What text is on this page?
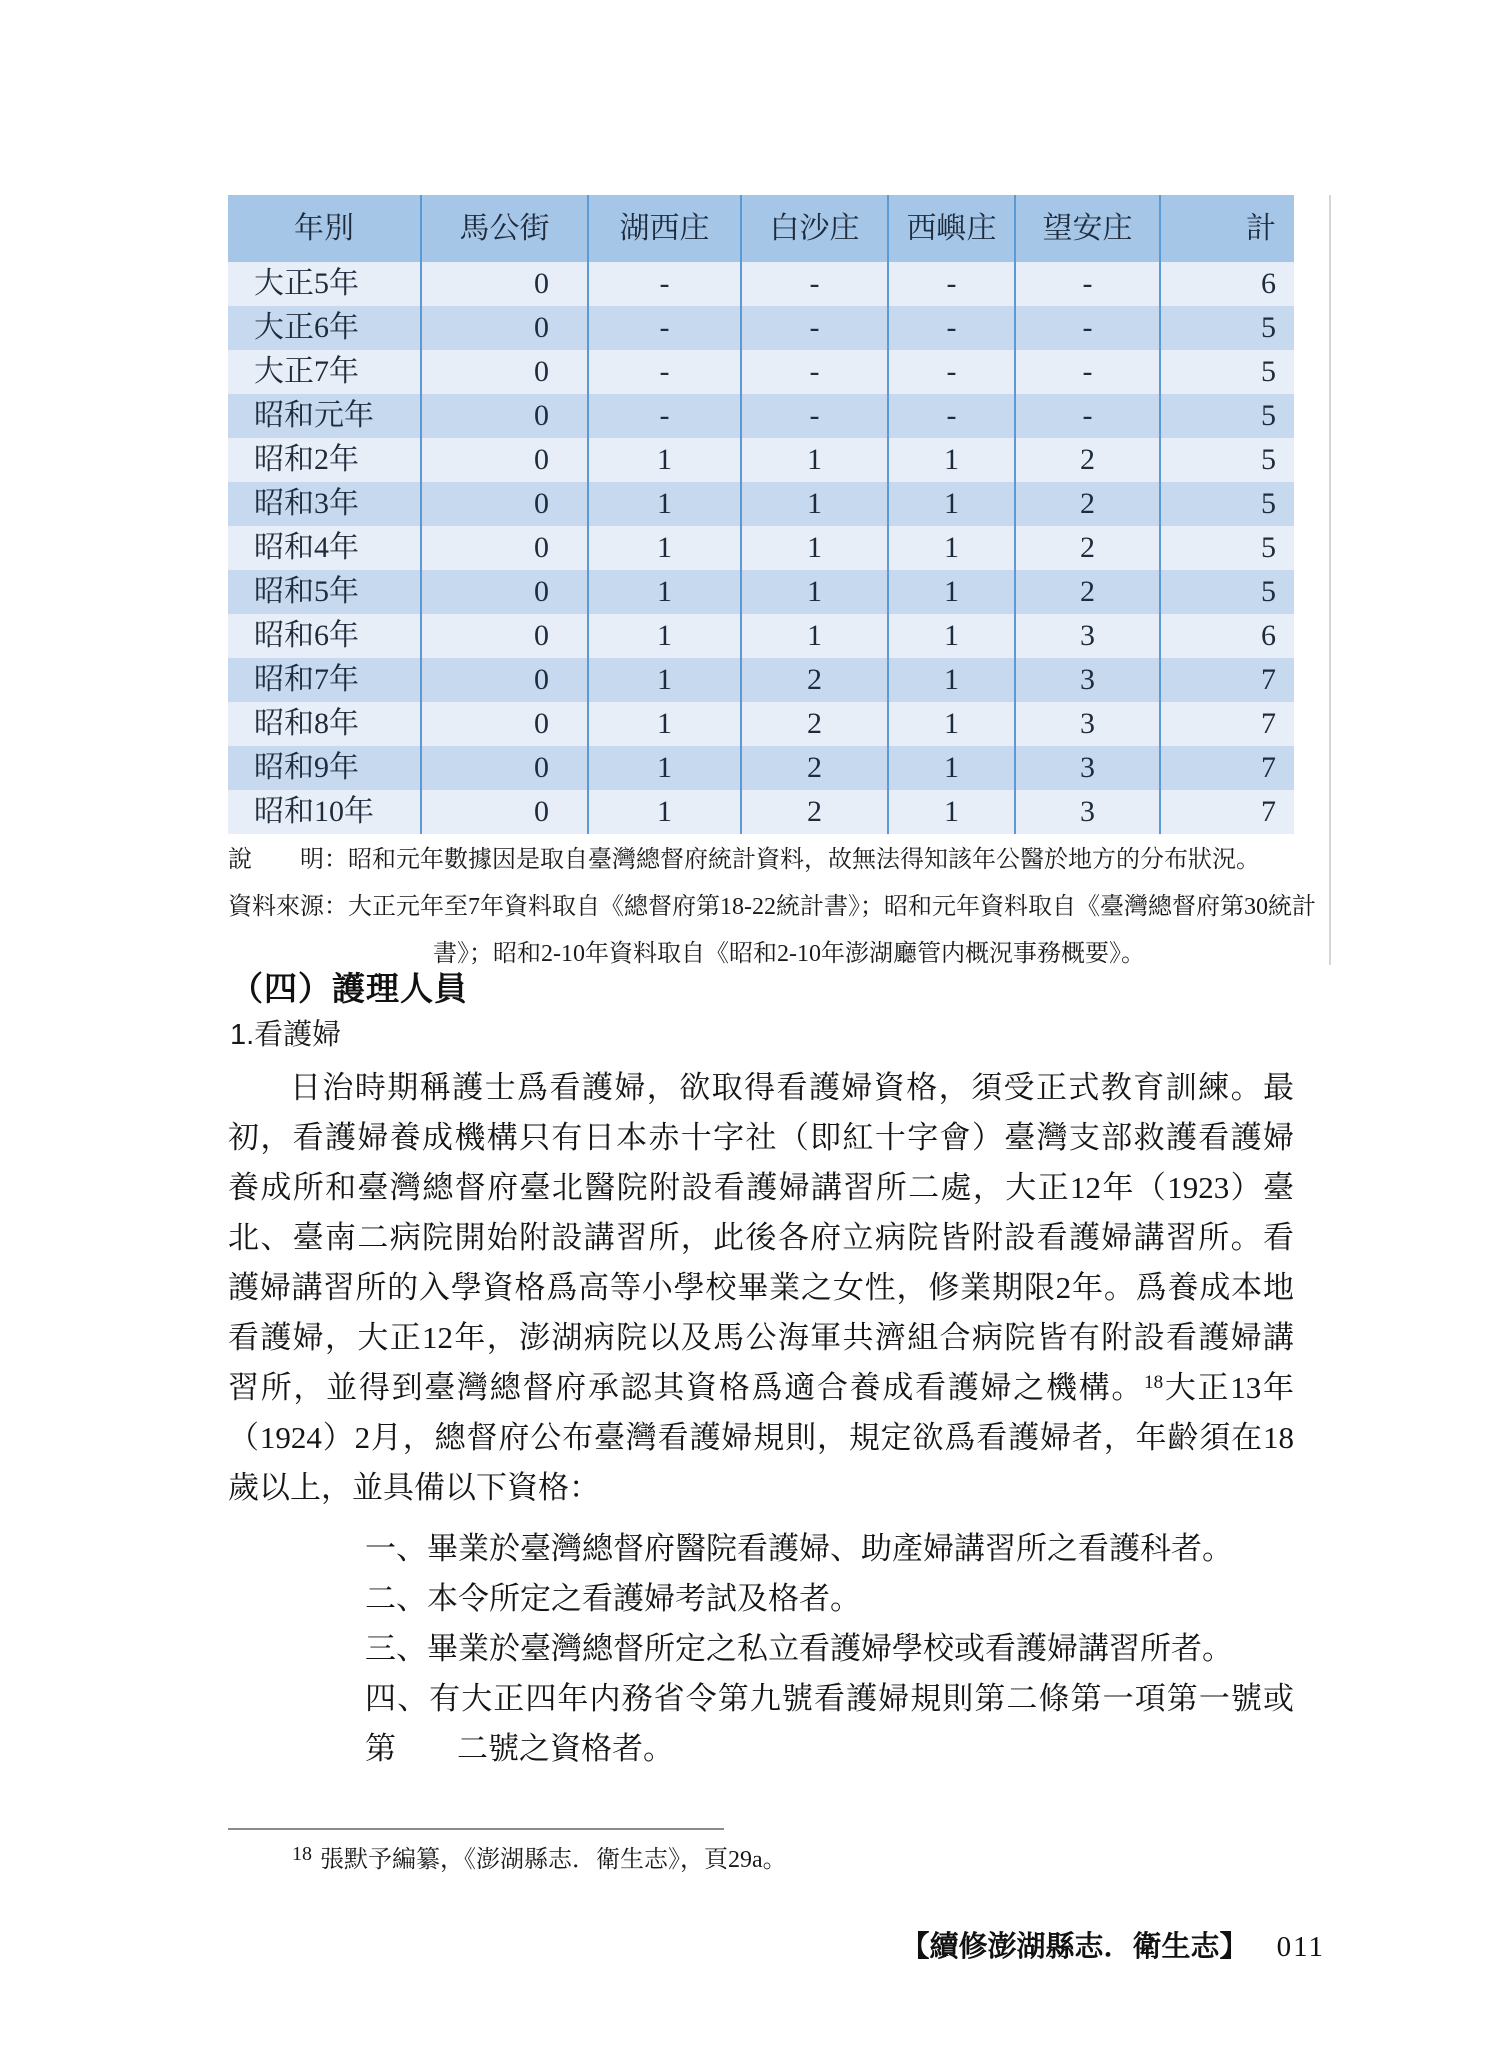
年別	馬公街	湖西庄	白沙庄	西嶼庄	望安庄	計
大正5年	0	-	-	-	-	6
大正6年	0	-	-	-	-	5
大正7年	0	-	-	-	-	5
昭和元年	0	-	-	-	-	5
昭和2年	0	1	1	1	2	5
昭和3年	0	1	1	1	2	5
昭和4年	0	1	1	1	2	5
昭和5年	0	1	1	1	2	5
昭和6年	0	1	1	1	3	6
昭和7年	0	1	2	1	3	7
昭和8年	0	1	2	1	3	7
昭和9年	0	1	2	1	3	7
昭和10年	0	1	2	1	3	7
說　　明：昭和元年數據因是取自臺灣總督府統計資料，故無法得知該年公醫於地方的分布狀況。
資料來源：大正元年至7年資料取自《總督府第18-22統計書》；昭和元年資料取自《臺灣總督府第30統計
書》；昭和2-10年資料取自《昭和2-10年澎湖廳管内概況事務概要》。
（四）護理人員
1.看護婦
日治時期稱護士爲看護婦，欲取得看護婦資格，須受正式教育訓練。最
初，看護婦養成機構只有日本赤十字社（即紅十字會）臺灣支部救護看護婦
養成所和臺灣總督府臺北醫院附設看護婦講習所二處，大正12年（1923）臺
北、臺南二病院開始附設講習所，此後各府立病院皆附設看護婦講習所。看
護婦講習所的入學資格爲高等小學校畢業之女性，修業期限2年。爲養成本地
看護婦，大正12年，澎湖病院以及馬公海軍共濟組合病院皆有附設看護婦講
習所，並得到臺灣總督府承認其資格爲適合養成看護婦之機構。$^{18}$大正13年
（1924）2月，總督府公布臺灣看護婦規則，規定欲爲看護婦者，年齡須在18
歲以上，並具備以下資格：
一、畢業於臺灣總督府醫院看護婦、助產婦講習所之看護科者。
二、本令所定之看護婦考試及格者。
三、畢業於臺灣總督所定之私立看護婦學校或看護婦講習所者。
四、有大正四年内務省令第九號看護婦規則第二條第一項第一號或第	二號之資格者。
$^{18}$ 張默予編纂，《澎湖縣志．衛生志》，頁29a。
【續修澎湖縣志．衛生志】 011
